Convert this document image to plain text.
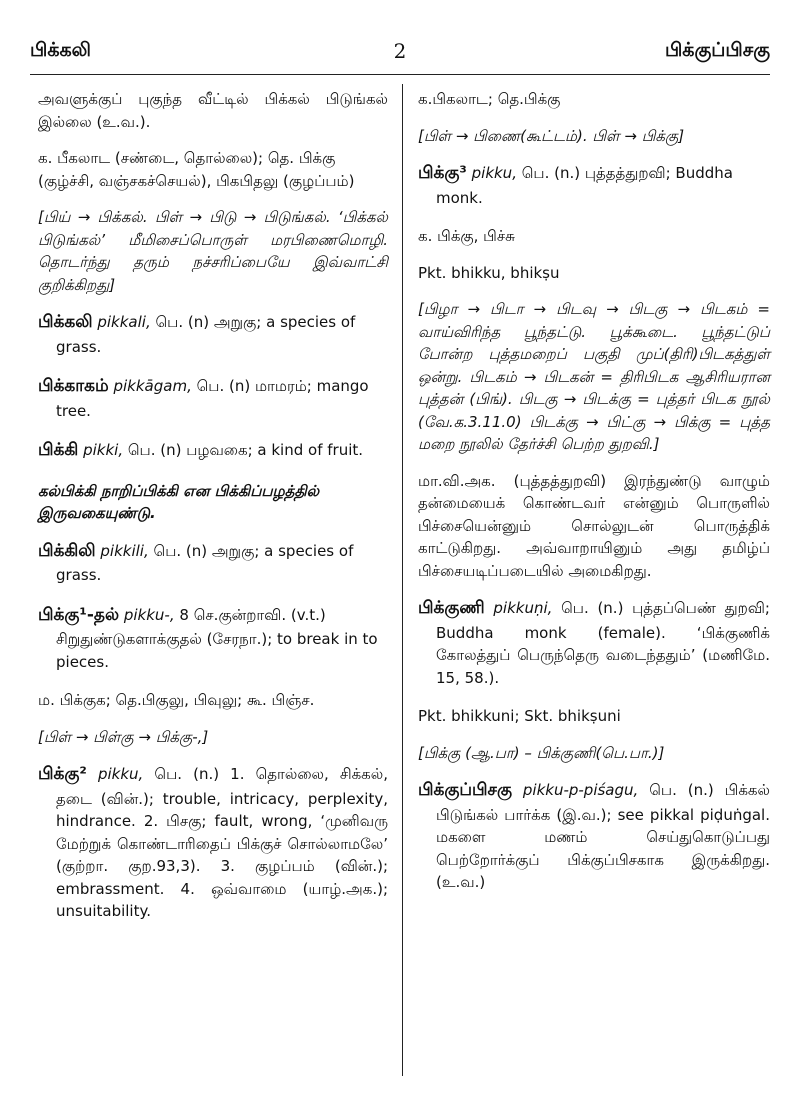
பிக்கலி	2	பிக்குப்பிசகு
அவளுக்குப் புகுந்த வீட்டில் பிக்கல் பிடுங்கல் இல்லை (உ.வ.).
க. பீகலாட (சண்டை, தொல்லை); தெ. பிக்கு (குழ்ச்சி, வஞ்சகச்செயல்), பிகபிதலு (குழப்பம்)
[பிய் → பிக்கல். பிள் → பிடு → பிடுங்கல். ‘பிக்கல் பிடுங்கல்’ மீமிசைப்பொருள் மரபிணைமொழி. தொடர்ந்து தரும் நச்சரிப்பையே இவ்வாட்சி குறிக்கிறது]
பிக்கலி pikkali, பெ. (n) அறுகு; a species of grass.
பிக்காகம் pikkāgam, பெ. (n) மாமரம்; mango tree.
பிக்கி pikki, பெ. (n) பழவகை; a kind of fruit.
கல்பிக்கி நாறிப்பிக்கி என பிக்கிப்பழத்தில் இருவகையுண்டு.
பிக்கிலி pikkili, பெ. (n) அறுகு; a species of grass.
பிக்கு¹-தல் pikku-, 8 செ.குன்றாவி. (v.t.) சிறுதுண்டுகளாக்குதல் (சேரநா.); to break in to pieces.
ம. பிக்குக; தெ.பிகுலு, பிவுலு; கூ. பிஞ்ச.
[பிள் → பிள்கு → பிக்கு-,]
பிக்கு² pikku, பெ. (n.) 1. தொல்லை, சிக்கல், தடை (வின்.); trouble, intricacy, perplexity, hindrance. 2. பிசகு; fault, wrong, ‘முனிவரு மேற்றுக் கொண்டாரிதைப் பிக்குச் சொல்லாமலே’ (குற்றா. குற.93,3). 3. குழப்பம் (வின்.); embrassment. 4. ஒவ்வாமை (யாழ்.அக.); unsuitability.
க.பிகலாட; தெ.பிக்கு
[பிள் → பிணை(கூட்டம்). பிள் → பிக்கு]
பிக்கு³ pikku, பெ. (n.) புத்தத்துறவி; Buddha monk.
க. பிக்கு, பிச்சு
Pkt. bhikku, bhikṣu
[பிழா → பிடா → பிடவு → பிடகு → பிடகம் = வாய்விரிந்த பூந்தட்டு. பூக்கூடை. பூந்தட்டுப் போன்ற புத்தமறைப் பகுதி முப்(திரி)பிடகத்துள் ஒன்று. பிடகம் → பிடகன் = திரிபிடக ஆசிரியரான புத்தன் (பிங்). பிடகு → பிடக்கு = புத்தர் பிடக நூல் (வே.க.3.11.0) பிடக்கு → பிட்கு → பிக்கு = புத்த மறை நூலில் தேர்ச்சி பெற்ற துறவி.]
மா.வி.அக. (புத்தத்துறவி) இரந்துண்டு வாழும் தன்மையைக் கொண்டவர் என்னும் பொருளில் பிச்சையென்னும் சொல்லுடன் பொருத்திக் காட்டுகிறது. அவ்வாறாயினும் அது தமிழ்ப் பிச்சையடிப்படையில் அமைகிறது.
பிக்குணி pikkuṇi, பெ. (n.) புத்தப்பெண் துறவி; Buddha monk (female). ‘பிக்குணிக் கோலத்துப் பெருந்தெரு வடைந்ததும்’ (மணிமே. 15, 58.).
Pkt. bhikkuni; Skt. bhikṣuni
[பிக்கு (ஆ.பா) – பிக்குணி(பெ.பா.)]
பிக்குப்பிசகு pikku-p-piśagu, பெ. (n.) பிக்கல் பிடுங்கல் பார்க்க (இ.வ.); see pikkal piḍuṅgal. மகளை மணம் செய்துகொடுப்பது பெற்றோர்க்குப் பிக்குப்பிசகாக இருக்கிறது. (உ.வ.)
